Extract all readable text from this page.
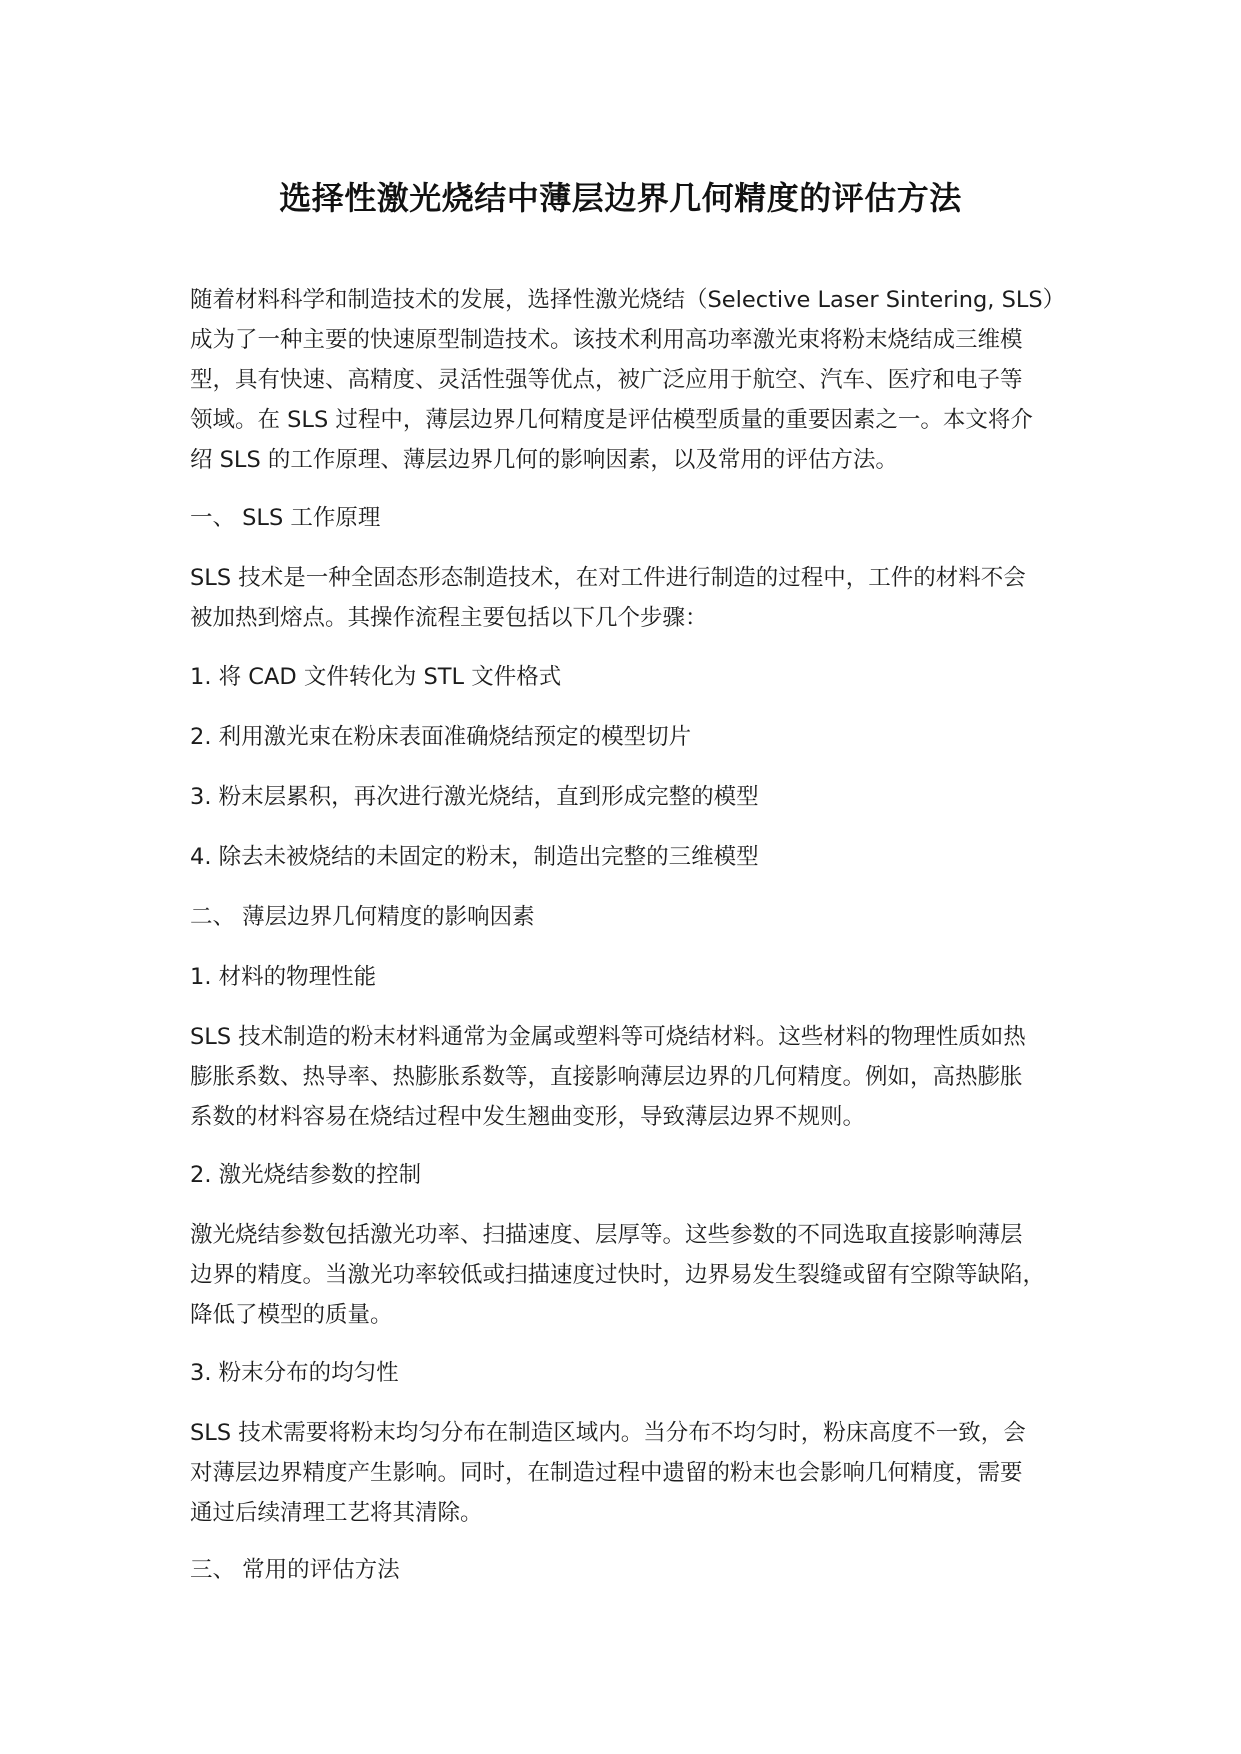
选择性激光烧结中薄层边界几何精度的评估方法
随着材料科学和制造技术的发展，选择性激光烧结（Selective Laser Sintering, SLS）
成为了一种主要的快速原型制造技术。该技术利用高功率激光束将粉末烧结成三维模
型，具有快速、高精度、灵活性强等优点，被广泛应用于航空、汽车、医疗和电子等
领域。在 SLS 过程中，薄层边界几何精度是评估模型质量的重要因素之一。本文将介
绍 SLS 的工作原理、薄层边界几何的影响因素，以及常用的评估方法。
一、 SLS 工作原理
SLS 技术是一种全固态形态制造技术，在对工件进行制造的过程中，工件的材料不会
被加热到熔点。其操作流程主要包括以下几个步骤：
1. 将 CAD 文件转化为 STL 文件格式
2. 利用激光束在粉床表面准确烧结预定的模型切片
3. 粉末层累积，再次进行激光烧结，直到形成完整的模型
4. 除去未被烧结的未固定的粉末，制造出完整的三维模型
二、 薄层边界几何精度的影响因素
1. 材料的物理性能
SLS 技术制造的粉末材料通常为金属或塑料等可烧结材料。这些材料的物理性质如热
膨胀系数、热导率、热膨胀系数等，直接影响薄层边界的几何精度。例如，高热膨胀
系数的材料容易在烧结过程中发生翘曲变形，导致薄层边界不规则。
2. 激光烧结参数的控制
激光烧结参数包括激光功率、扫描速度、层厚等。这些参数的不同选取直接影响薄层
边界的精度。当激光功率较低或扫描速度过快时，边界易发生裂缝或留有空隙等缺陷，
降低了模型的质量。
3. 粉末分布的均匀性
SLS 技术需要将粉末均匀分布在制造区域内。当分布不均匀时，粉床高度不一致，会
对薄层边界精度产生影响。同时，在制造过程中遗留的粉末也会影响几何精度，需要
通过后续清理工艺将其清除。
三、 常用的评估方法
